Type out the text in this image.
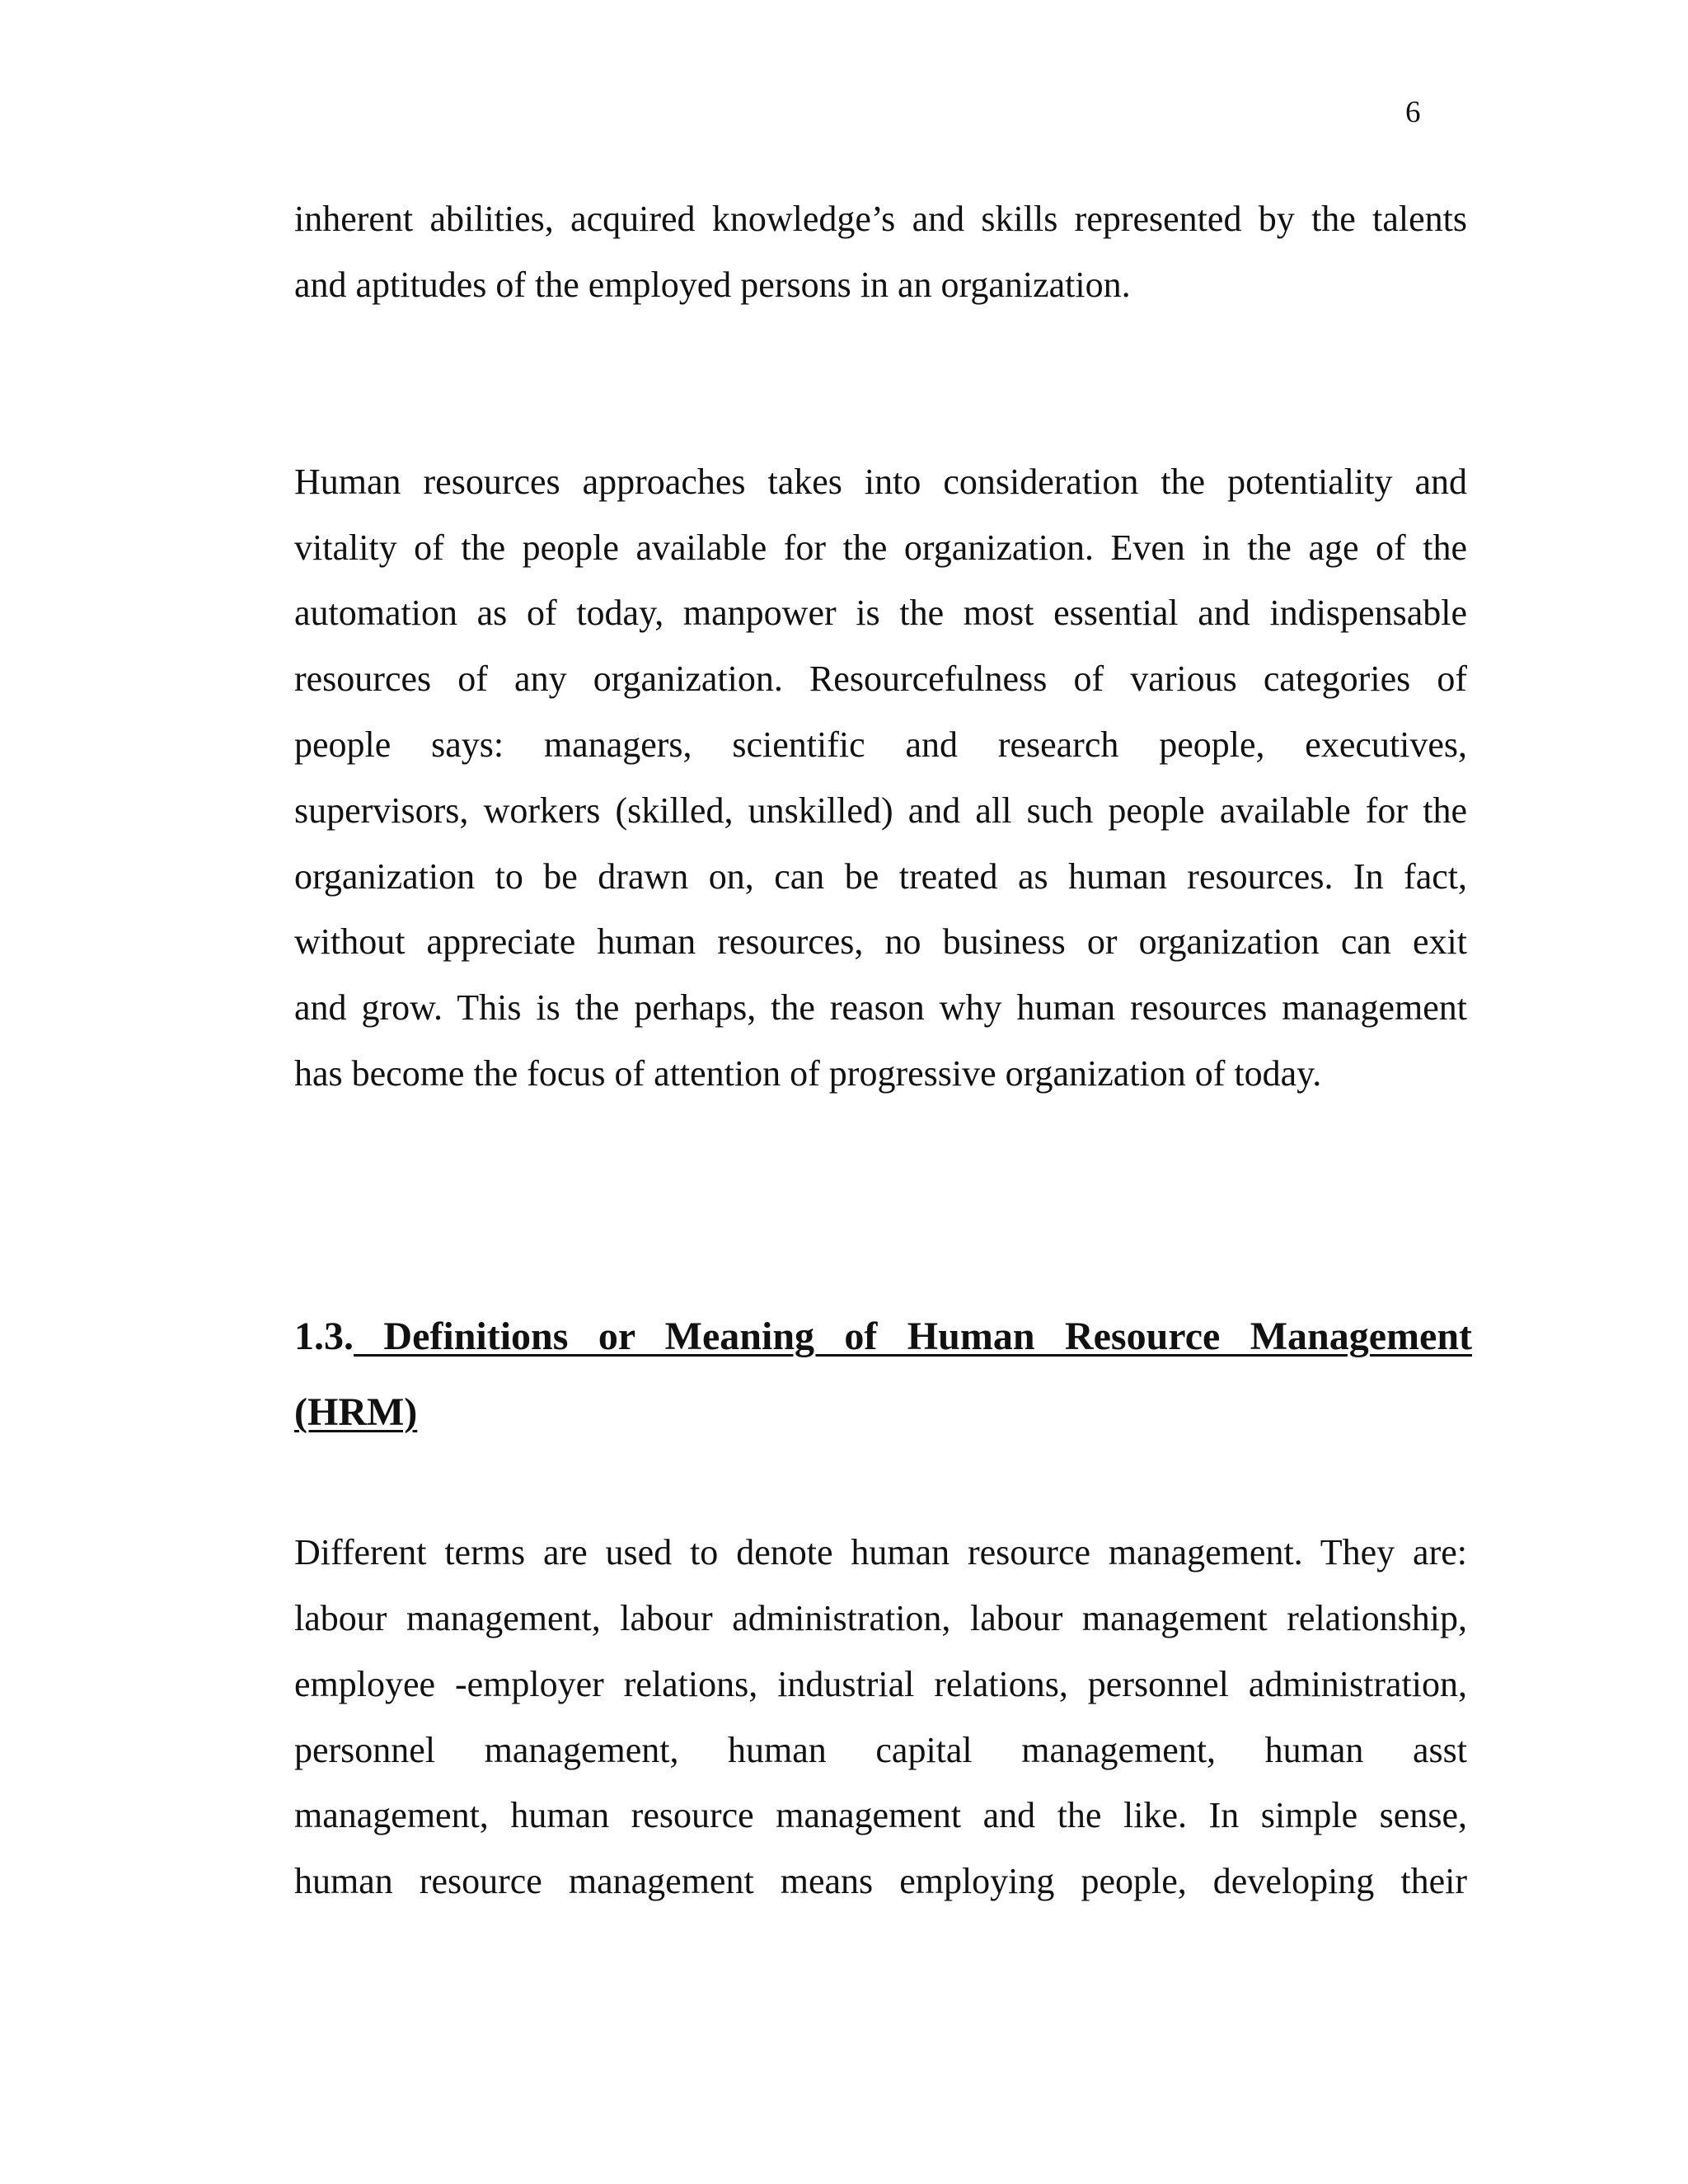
6
inherent abilities, acquired knowledge’s and skills represented by the talents
and aptitudes of the employed persons in an organization.
Human resources approaches takes into consideration the potentiality and
vitality of the people available for the organization. Even in the age of the
automation as of today, manpower is the most essential and indispensable
resources of any organization. Resourcefulness of various categories of
people says: managers, scientific and research people, executives,
supervisors, workers (skilled, unskilled) and all such people available for the
organization to be drawn on, can be treated as human resources. In fact,
without appreciate human resources, no business or organization can exit
and grow. This is the perhaps, the reason why human resources management
has become the focus of attention of progressive organization of today.
1.3. Definitions or Meaning of Human Resource Management
(HRM)
Different terms are used to denote human resource management. They are:
labour management, labour administration, labour management relationship,
employee -employer relations, industrial relations, personnel administration,
personnel management, human capital management, human asst
management, human resource management and the like. In simple sense,
human resource management means employing people, developing their
